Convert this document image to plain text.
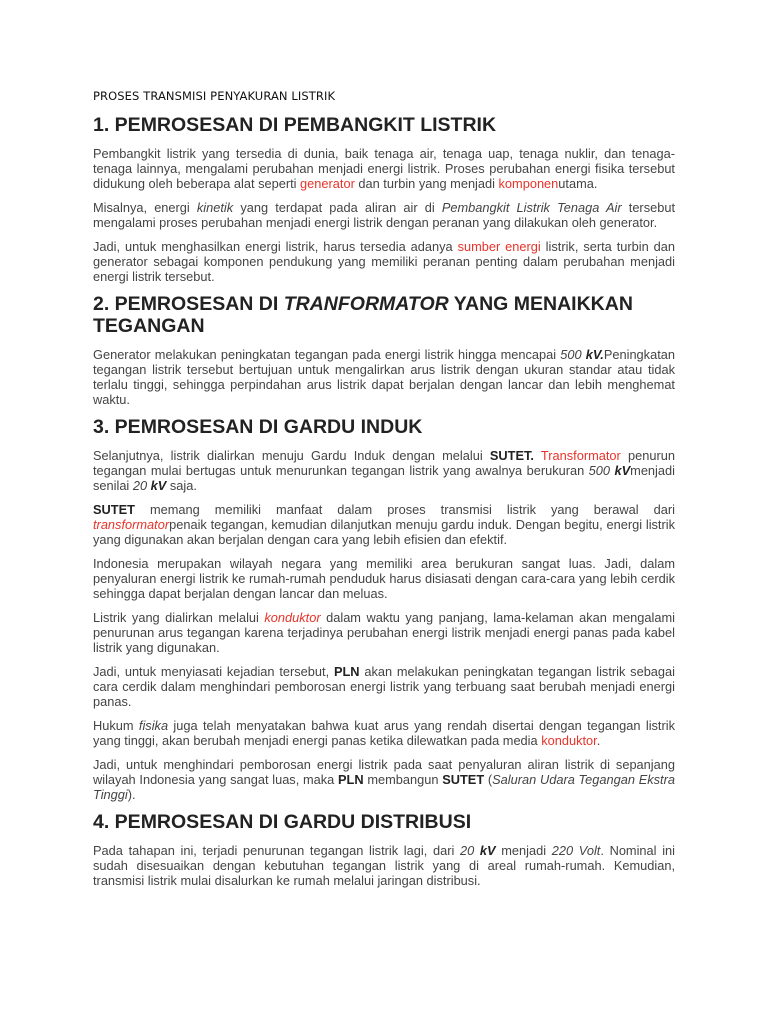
PROSES TRANSMISI PENYAKURAN LISTRIK
1. PEMROSESAN DI PEMBANGKIT LISTRIK

Pembangkit listrik yang tersedia di dunia, baik tenaga air, tenaga uap, tenaga nuklir, dan tenaga-tenaga lainnya, mengalami perubahan menjadi energi listrik. Proses perubahan energi fisika tersebut didukung oleh beberapa alat seperti generator dan turbin yang menjadi komponenutama.

Misalnya, energi kinetik yang terdapat pada aliran air di Pembangkit Listrik Tenaga Air tersebut mengalami proses perubahan menjadi energi listrik dengan peranan yang dilakukan oleh generator.

Jadi, untuk menghasilkan energi listrik, harus tersedia adanya sumber energi listrik, serta turbin dan generator sebagai komponen pendukung yang memiliki peranan penting dalam perubahan menjadi energi listrik tersebut.

2. PEMROSESAN DI TRANFORMATOR YANG MENAIKKAN TEGANGAN

Generator melakukan peningkatan tegangan pada energi listrik hingga mencapai 500 kV.Peningkatan tegangan listrik tersebut bertujuan untuk mengalirkan arus listrik dengan ukuran standar atau tidak terlalu tinggi, sehingga perpindahan arus listrik dapat berjalan dengan lancar dan lebih menghemat waktu.

3. PEMROSESAN DI GARDU INDUK

Selanjutnya, listrik dialirkan menuju Gardu Induk dengan melalui SUTET. Transformator penurun tegangan mulai bertugas untuk menurunkan tegangan listrik yang awalnya berukuran 500 kVmenjadi senilai 20 kV saja.

SUTET memang memiliki manfaat dalam proses transmisi listrik yang berawal dari transformatorpenaik tegangan, kemudian dilanjutkan menuju gardu induk. Dengan begitu, energi listrik yang digunakan akan berjalan dengan cara yang lebih efisien dan efektif.

Indonesia merupakan wilayah negara yang memiliki area berukuran sangat luas. Jadi, dalam penyaluran energi listrik ke rumah-rumah penduduk harus disiasati dengan cara-cara yang lebih cerdik sehingga dapat berjalan dengan lancar dan meluas.

Listrik yang dialirkan melalui konduktor dalam waktu yang panjang, lama-kelaman akan mengalami penurunan arus tegangan karena terjadinya perubahan energi listrik menjadi energi panas pada kabel listrik yang digunakan.

Jadi, untuk menyiasati kejadian tersebut, PLN akan melakukan peningkatan tegangan listrik sebagai cara cerdik dalam menghindari pemborosan energi listrik yang terbuang saat berubah menjadi energi panas.

Hukum fisika juga telah menyatakan bahwa kuat arus yang rendah disertai dengan tegangan listrik yang tinggi, akan berubah menjadi energi panas ketika dilewatkan pada media konduktor.

Jadi, untuk menghindari pemborosan energi listrik pada saat penyaluran aliran listrik di sepanjang wilayah Indonesia yang sangat luas, maka PLN membangun SUTET (Saluran Udara Tegangan Ekstra Tinggi).

4. PEMROSESAN DI GARDU DISTRIBUSI

Pada tahapan ini, terjadi penurunan tegangan listrik lagi, dari 20 kV menjadi 220 Volt. Nominal ini sudah disesuaikan dengan kebutuhan tegangan listrik yang di areal rumah-rumah. Kemudian, transmisi listrik mulai disalurkan ke rumah melalui jaringan distribusi.
